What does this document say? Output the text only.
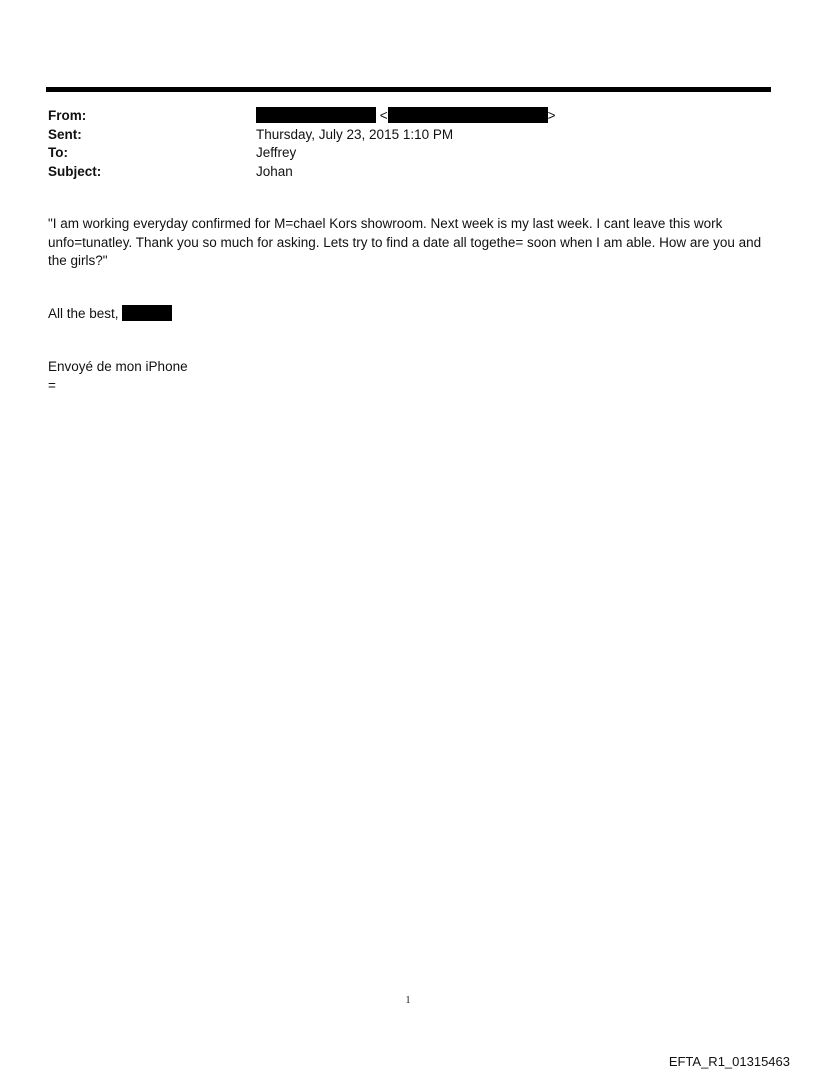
From:	<	>
Sent:	Thursday, July 23, 2015 1:10 PM
To:	Jeffrey
Subject:	Johan

"I am working everyday confirmed for M=chael Kors showroom. Next week is my last week. I cant leave this work

unfo=tunatley. Thank you so much for asking. Lets try to find a date all togethe= soon when I am able. How are you and

the girls?"

All the best,
Envoyé de mon iPhone
=
1
EFTA_R1_01315463
